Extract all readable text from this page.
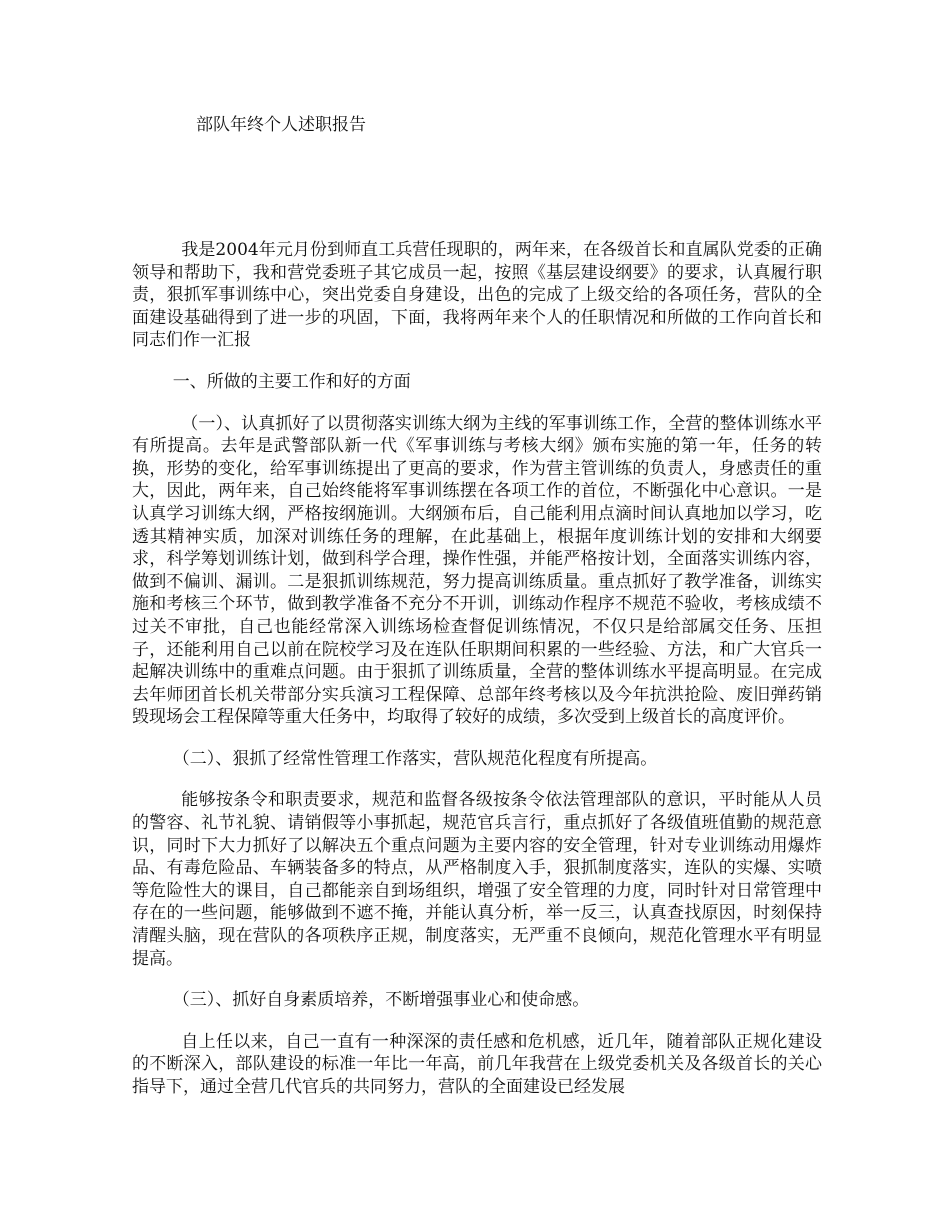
部队年终个人述职报告

我是2004年元月份到师直工兵营任现职的，两年来，在各级首长和直属队党委的正确领导和帮助下，我和营党委班子其它成员一起，按照《基层建设纲要》的要求，认真履行职责，狠抓军事训练中心，突出党委自身建设，出色的完成了上级交给的各项任务，营队的全面建设基础得到了进一步的巩固，下面，我将两年来个人的任职情况和所做的工作向首长和同志们作一汇报

一、所做的主要工作和好的方面

（一）、认真抓好了以贯彻落实训练大纲为主线的军事训练工作，全营的整体训练水平有所提高。去年是武警部队新一代《军事训练与考核大纲》颁布实施的第一年，任务的转换，形势的变化，给军事训练提出了更高的要求，作为营主管训练的负责人，身感责任的重大，因此，两年来，自己始终能将军事训练摆在各项工作的首位，不断强化中心意识。一是认真学习训练大纲，严格按纲施训。大纲颁布后，自己能利用点滴时间认真地加以学习，吃透其精神实质，加深对训练任务的理解，在此基础上，根据年度训练计划的安排和大纲要求，科学筹划训练计划，做到科学合理，操作性强，并能严格按计划，全面落实训练内容，做到不偏训、漏训。二是狠抓训练规范，努力提高训练质量。重点抓好了教学准备，训练实施和考核三个环节，做到教学准备不充分不开训，训练动作程序不规范不验收，考核成绩不过关不审批，自己也能经常深入训练场检查督促训练情况，不仅只是给部属交任务、压担子，还能利用自己以前在院校学习及在连队任职期间积累的一些经验、方法，和广大官兵一起解决训练中的重难点问题。由于狠抓了训练质量，全营的整体训练水平提高明显。在完成去年师团首长机关带部分实兵演习工程保障、总部年终考核以及今年抗洪抢险、废旧弹药销毁现场会工程保障等重大任务中，均取得了较好的成绩，多次受到上级首长的高度评价。

（二）、狠抓了经常性管理工作落实，营队规范化程度有所提高。

能够按条令和职责要求，规范和监督各级按条令依法管理部队的意识，平时能从人员的警容、礼节礼貌、请销假等小事抓起，规范官兵言行，重点抓好了各级值班值勤的规范意识，同时下大力抓好了以解决五个重点问题为主要内容的安全管理，针对专业训练动用爆炸品、有毒危险品、车辆装备多的特点，从严格制度入手，狠抓制度落实，连队的实爆、实喷等危险性大的课目，自己都能亲自到场组织，增强了安全管理的力度，同时针对日常管理中存在的一些问题，能够做到不遮不掩，并能认真分析，举一反三，认真查找原因，时刻保持清醒头脑，现在营队的各项秩序正规，制度落实，无严重不良倾向，规范化管理水平有明显提高。

（三）、抓好自身素质培养，不断增强事业心和使命感。

自上任以来，自己一直有一种深深的责任感和危机感，近几年，随着部队正规化建设的不断深入，部队建设的标准一年比一年高，前几年我营在上级党委机关及各级首长的关心指导下，通过全营几代官兵的共同努力，营队的全面建设已经发展
